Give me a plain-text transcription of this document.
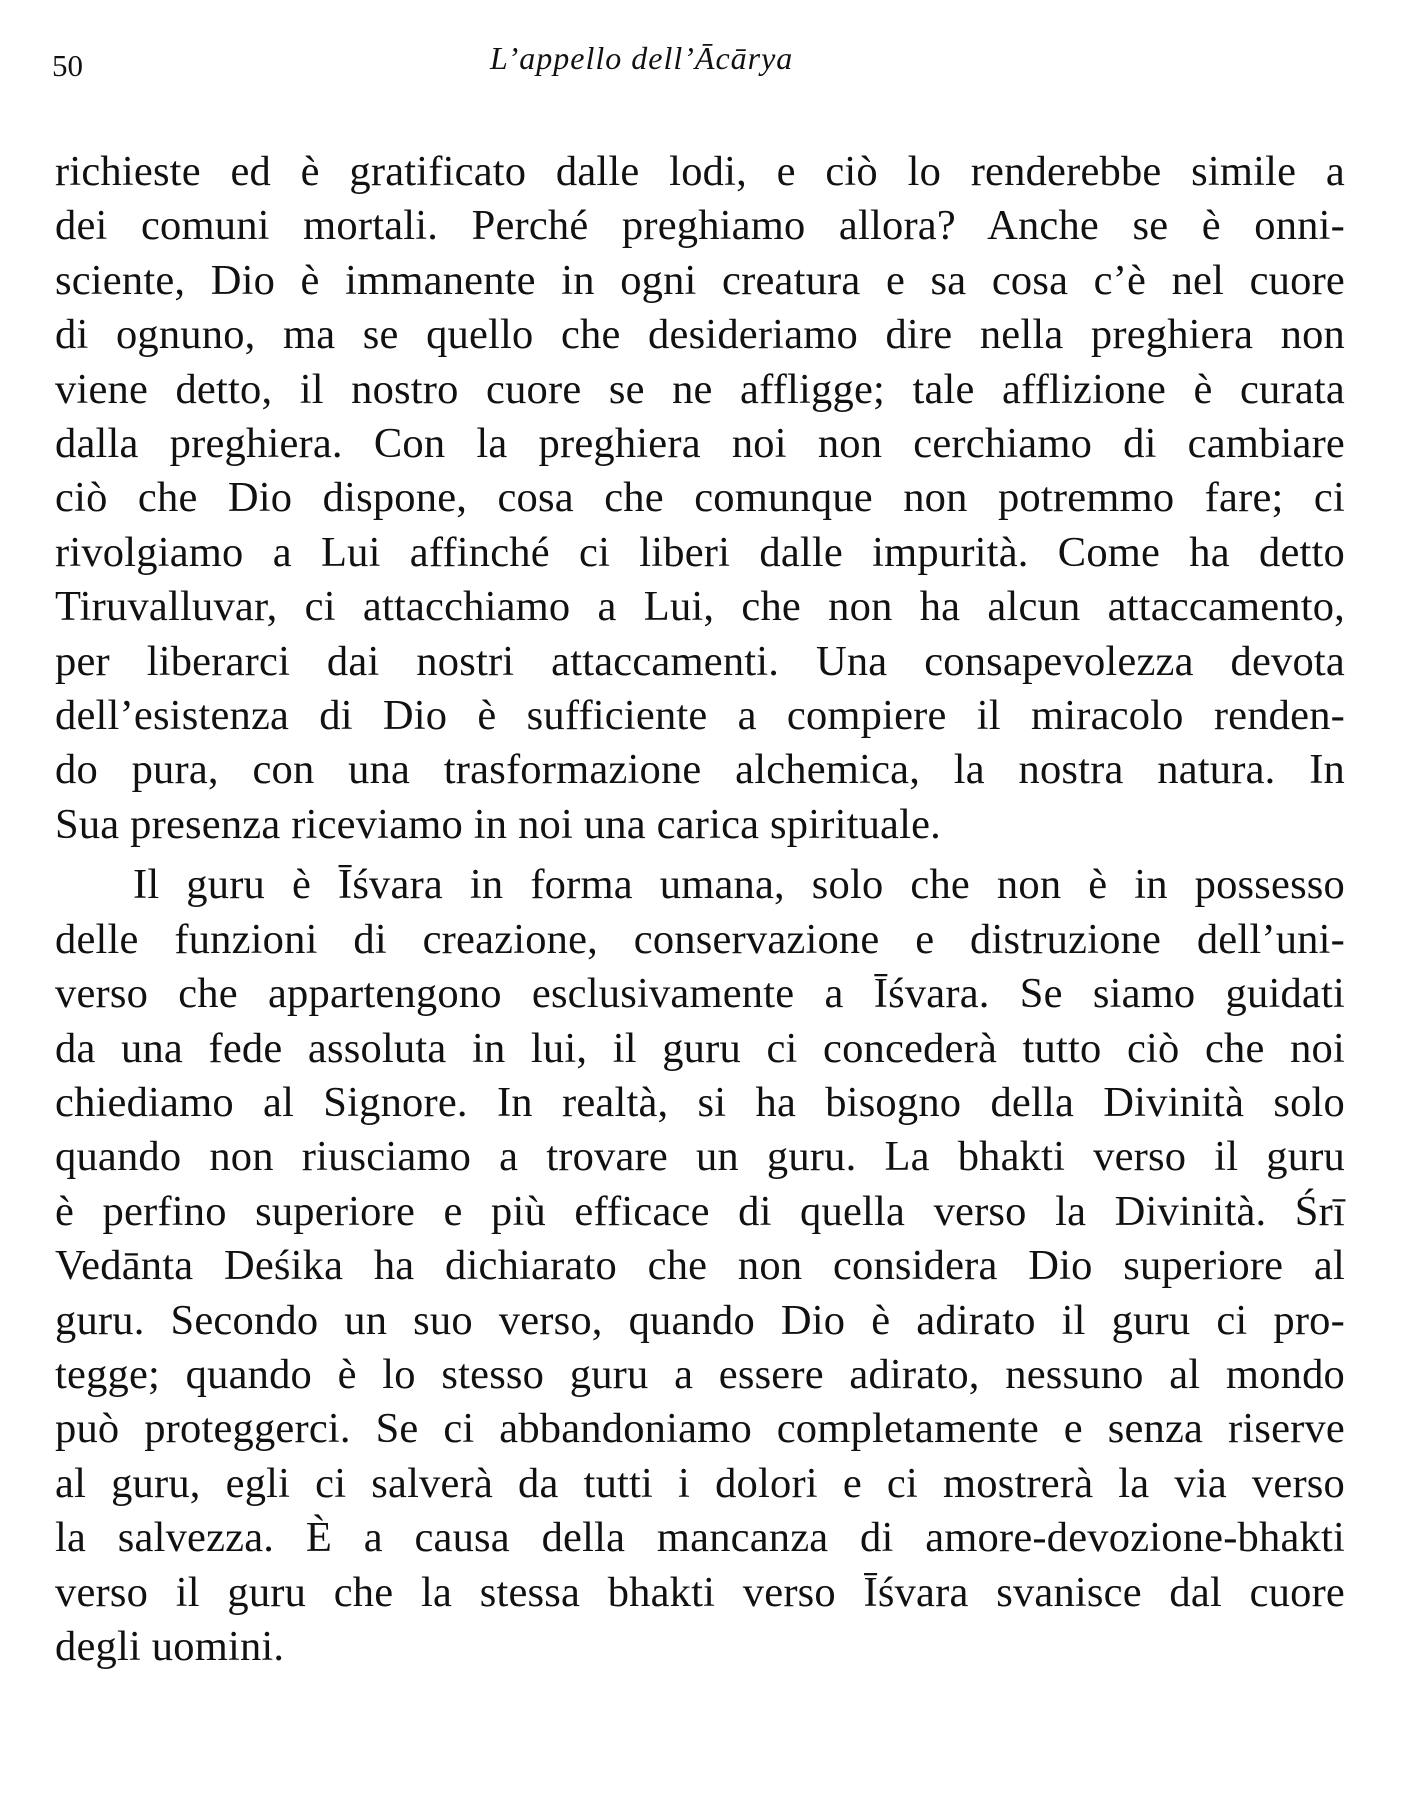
50	L’appello dell’Ācārya
richieste ed è gratificato dalle lodi, e ciò lo renderebbe simile a
dei comuni mortali. Perché preghiamo allora? Anche se è onni-
sciente, Dio è immanente in ogni creatura e sa cosa c’è nel cuore
di ognuno, ma se quello che desideriamo dire nella preghiera non
viene detto, il nostro cuore se ne affligge; tale afflizione è curata
dalla preghiera. Con la preghiera noi non cerchiamo di cambiare
ciò che Dio dispone, cosa che comunque non potremmo fare; ci
rivolgiamo a Lui affinché ci liberi dalle impurità. Come ha detto
Tiruvalluvar, ci attacchiamo a Lui, che non ha alcun attaccamento,
per liberarci dai nostri attaccamenti. Una consapevolezza devota
dell’esistenza di Dio è sufficiente a compiere il miracolo renden-
do pura, con una trasformazione alchemica, la nostra natura. In
Sua presenza riceviamo in noi una carica spirituale.
Il guru è Īśvara in forma umana, solo che non è in possesso
delle funzioni di creazione, conservazione e distruzione dell’uni-
verso che appartengono esclusivamente a Īśvara. Se siamo guidati
da una fede assoluta in lui, il guru ci concederà tutto ciò che noi
chiediamo al Signore. In realtà, si ha bisogno della Divinità solo
quando non riusciamo a trovare un guru. La bhakti verso il guru
è perfino superiore e più efficace di quella verso la Divinità. Śrī
Vedānta Deśika ha dichiarato che non considera Dio superiore al
guru. Secondo un suo verso, quando Dio è adirato il guru ci pro-
tegge; quando è lo stesso guru a essere adirato, nessuno al mondo
può proteggerci. Se ci abbandoniamo completamente e senza riserve
al guru, egli ci salverà da tutti i dolori e ci mostrerà la via verso
la salvezza. È a causa della mancanza di amore-devozione-bhakti
verso il guru che la stessa bhakti verso Īśvara svanisce dal cuore
degli uomini.
